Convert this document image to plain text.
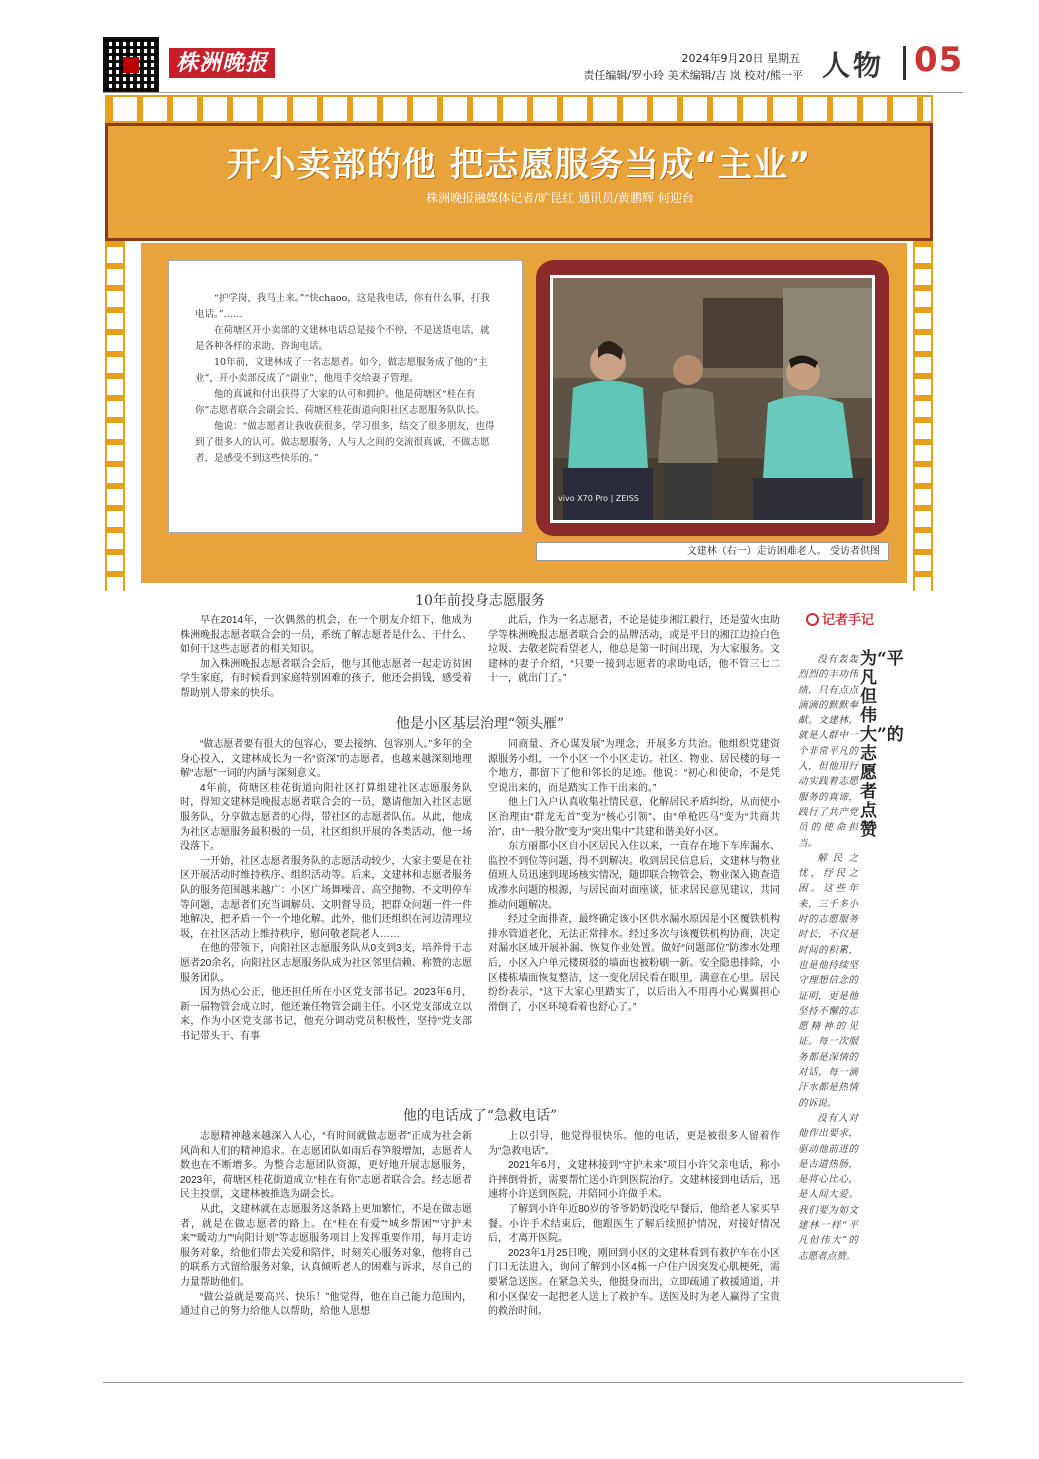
株洲晚报	2024年9月20日 星期五
责任编辑/罗小玲 美术编辑/吉 岚 校对/熊一平 人物 05
开小卖部的他 把志愿服务当成“主业”
株洲晚报融媒体记者/旷昆红 通讯员/黄鹏辉 何迎台

“护学岗，我马上来。”“快chaoo，这是我电话，你有什么事，打我电话。”……

在荷塘区开小卖部的文建林电话总是接个不停，不是送货电话，就是各种各样的求助、咨询电话。

10年前，文建林成了一名志愿者。如今，做志愿服务成了他的“主业”，开小卖部反成了“副业”，他甩手交给妻子管理。

他的真诚和付出获得了大家的认可和拥护。他是荷塘区“桂在有你”志愿者联合会副会长、荷塘区桂花街道向阳社区志愿服务队队长。

他说：“做志愿者让我收获很多，学习很多，结交了很多朋友，也得到了很多人的认可。做志愿服务，人与人之间的交流很真诚，不做志愿者，是感受不到这些快乐的。”

vivo X70 Pro | ZEISS
文建林（右一）走访困难老人。 受访者供图
10年前投身志愿服务

早在2014年，一次偶然的机会，在一个朋友介绍下，他成为株洲晚报志愿者联合会的一员，系统了解志愿者是什么、干什么、如何干这些志愿者的相关知识。

加入株洲晚报志愿者联合会后，他与其他志愿者一起走访贫困学生家庭，有时候看到家庭特别困难的孩子，他还会捐钱，感受着帮助别人带来的快乐。

此后，作为一名志愿者，不论是徒步湘江毅行，还是萤火虫助学等株洲晚报志愿者联合会的品牌活动，或是平日的湘江边捡白色垃圾、去敬老院看望老人，他总是第一时间出现，为大家服务。文建林的妻子介绍，“只要一接到志愿者的求助电话，他不管三七二十一，就出门了。”

他是小区基层治理“领头雁”

“做志愿者要有很大的包容心，要去接纳、包容别人。”多年的全身心投入，文建林成长为一名“资深”的志愿者，也越来越深刻地理解“志愿”一词的内涵与深刻意义。

4年前，荷塘区桂花街道向阳社区打算组建社区志愿服务队时，得知文建林是晚报志愿者联合会的一员，邀请他加入社区志愿服务队，分享做志愿者的心得，带社区的志愿者队伍。从此，他成为社区志愿服务最积极的一员，社区组织开展的各类活动，他一场没落下。

一开始，社区志愿者服务队的志愿活动较少，大家主要是在社区开展活动时维持秩序、组织活动等。后来，文建林和志愿者服务队的服务范围越来越广：小区广场舞噪音、高空抛物、不文明停车等问题，志愿者们充当调解员、文明督导员，把群众问题一件一件地解决，把矛盾一个一个地化解。此外，他们还组织在河边清理垃圾，在社区活动上维持秩序，慰问敬老院老人……

在他的带领下，向阳社区志愿服务队从0支到3支，培养骨干志愿者20余名，向阳社区志愿服务队成为社区邻里信赖、称赞的志愿服务团队。

因为热心公正，他还担任所在小区党支部书记。2023年6月，新一届物管会成立时，他还兼任物管会副主任。小区党支部成立以来，作为小区党支部书记，他充分调动党员积极性，坚持“党支部书记带头干、有事

同商量、齐心谋发展”为理念，开展多方共治。他组织党建资源服务小组，一个小区一个小区走访。社区、物业、居民楼的每一个地方，都留下了他和邻长的足迹。他说：“初心和使命，不是凭空说出来的，而是踏实工作干出来的。”

他上门入户认真收集社情民意，化解居民矛盾纠纷，从而使小区治理由“群龙无首”变为“核心引领”、由“单枪匹马”变为“共商共治”、由“一般分散”变为“突出集中”共建和谐美好小区。

东方丽都小区自小区居民入住以来，一直存在地下车库漏水、监控不到位等问题，得不到解决。收到居民信息后，文建林与物业值班人员迅速到现场核实情况，随即联合物管会、物业深入勘查造成渗水问题的根源，与居民面对面座谈，征求居民意见建议，共同推动问题解决。

经过全面排查，最终确定该小区供水漏水原因是小区覆铁机构排水管道老化，无法正常排水。经过多次与该覆铁机构协商，决定对漏水区域开展补漏、恢复作业处置。做好“问题部位”防渗水处理后，小区入户单元楼斑驳的墙面也被粉刷一新。安全隐患排除，小区楼栋墙面恢复整洁，这一变化居民看在眼里，满意在心里。居民纷纷表示，“这下大家心里踏实了，以后出入不用再小心翼翼担心滑倒了，小区环境看着也舒心了。”

他的电话成了“急救电话”

志愿精神越来越深入人心，“有时间就做志愿者”正成为社会新风尚和人们的精神追求。在志愿团队如雨后春笋般增加，志愿者人数也在不断增多。为整合志愿团队资源，更好地开展志愿服务，2023年，荷塘区桂花街道成立“桂在有你”志愿者联合会。经志愿者民主投票，文建林被推选为副会长。

从此，文建林就在志愿服务这条路上更加繁忙，不是在做志愿者，就是在做志愿者的路上。在“桂在有爱”“城乡帮困”“守护未来”“暖动力”“向阳计划”等志愿服务项目上发挥重要作用，每月走访服务对象，给他们带去关爱和陪伴，时刻关心服务对象，他将自己的联系方式留给服务对象，认真倾听老人的困难与诉求，尽自己的力量帮助他们。

“做公益就是要高兴、快乐！”他觉得，他在自己能力范围内，通过自己的努力给他人以帮助，给他人思想

上以引导，他觉得很快乐。他的电话，更是被很多人留着作为“急救电话”。

2021年6月，文建林接到“守护未来”项目小许父亲电话，称小许摔倒骨折，需要帮忙送小许到医院治疗。文建林接到电话后，迅速将小许送到医院，并陪同小许做手术。

了解到小许年近80岁的爷爷奶奶没吃早餐后，他给老人家买早餐。小许手术结束后，他跟医生了解后续照护情况，对接好情况后，才离开医院。

2023年1月25日晚，刚回到小区的文建林看到有救护车在小区门口无法进入，询问了解到小区4栋一户住户因突发心肌梗死，需要紧急送医。在紧急关头，他挺身而出，立即疏通了救援通道，并和小区保安一起把老人送上了救护车。送医及时为老人赢得了宝贵的救治时间。

记者手记
为“平凡但伟大”的志愿者点赞

没有轰轰烈烈的丰功伟绩，只有点点滴滴的默默奉献。文建林，就是人群中一个非常平凡的人，但他用行动实践着志愿服务的真谛，践行了共产党员的使命担当。

解民之忧，纾民之困。这些年来，三千多小时的志愿服务时长，不仅是时间的积累，也是他持续坚守理想信念的证明，更是他坚持不懈的志愿精神的见证。每一次服务都是深情的对话，每一滴汗水都是热情的诉说。

没有人对他作出要求，驱动他前进的是古道热肠，是将心比心，是人间大爱。我们要为如文建林一样“平凡但伟大”的志愿者点赞。
